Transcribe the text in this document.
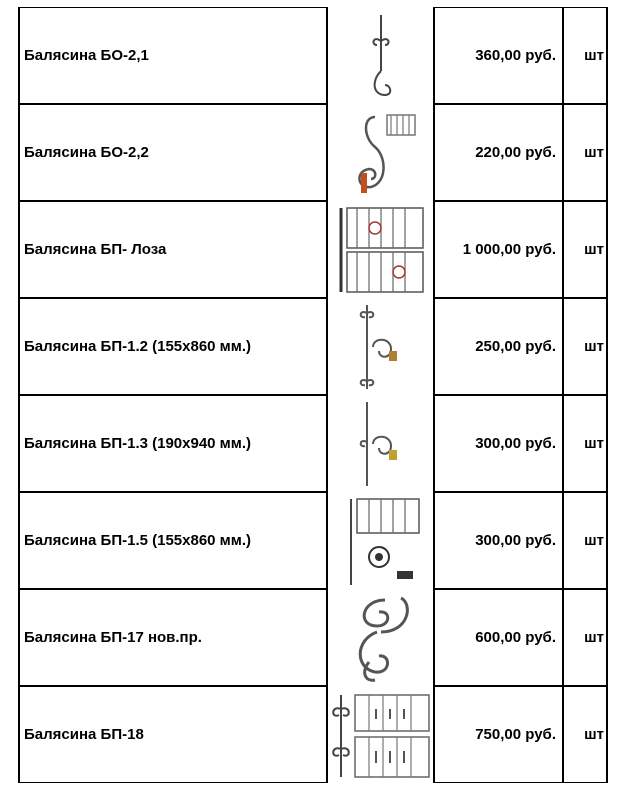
Балясина БО-2,1	360,00 руб.	шт
Балясина БО-2,2	220,00 руб.	шт
Балясина БП- Лоза	1 000,00 руб.	шт
Балясина БП-1.2 (155х860 мм.)	250,00 руб.	шт
Балясина БП-1.3 (190х940 мм.)	300,00 руб.	шт
Балясина БП-1.5 (155х860 мм.)	300,00 руб.	шт
Балясина БП-17 нов.пр.	600,00 руб.	шт
Балясина БП-18	750,00 руб.	шт
